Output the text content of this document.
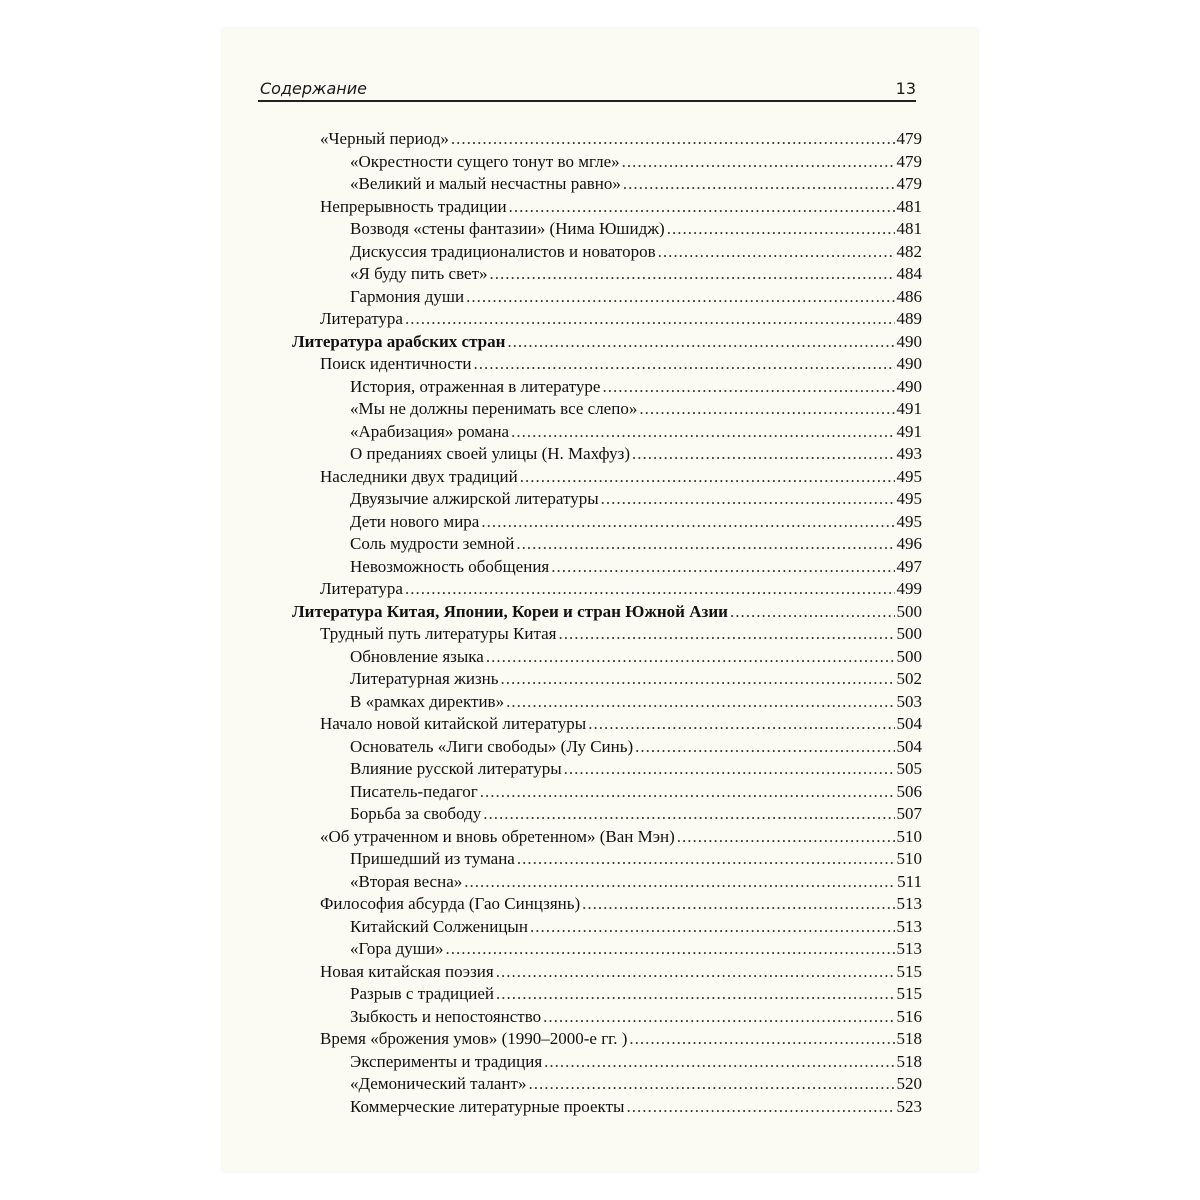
Содержание	13
«Черный период» .....	479
«Окрестности сущего тонут во мгле» .....	479
«Великий и малый несчастны равно» .....	479
Непрерывность традиции .....	481
Возводя «стены фантазии» (Нима Юшидж) .....	481
Дискуссия традиционалистов и новаторов .....	482
«Я буду пить свет» .....	484
Гармония души .....	486
Литература .....	489
Литература арабских стран .....	490
Поиск идентичности .....	490
История, отраженная в литературе .....	490
«Мы не должны перенимать все слепо» .....	491
«Арабизация» романа .....	491
О преданиях своей улицы (Н. Махфуз) .....	493
Наследники двух традиций .....	495
Двуязычие алжирской литературы .....	495
Дети нового мира .....	495
Соль мудрости земной .....	496
Невозможность обобщения .....	497
Литература .....	499
Литература Китая, Японии, Кореи и стран Южной Азии .....	500
Трудный путь литературы Китая .....	500
Обновление языка .....	500
Литературная жизнь .....	502
В «рамках директив» .....	503
Начало новой китайской литературы .....	504
Основатель «Лиги свободы» (Лу Синь) .....	504
Влияние русской литературы .....	505
Писатель-педагог .....	506
Борьба за свободу .....	507
«Об утраченном и вновь обретенном» (Ван Мэн) .....	510
Пришедший из тумана .....	510
«Вторая весна» .....	511
Философия абсурда (Гао Синцзянь) .....	513
Китайский Солженицын .....	513
«Гора души» .....	513
Новая китайская поэзия .....	515
Разрыв с традицией .....	515
Зыбкость и непостоянство .....	516
Время «брожения умов» (1990–2000-е гг. ) .....	518
Эксперименты и традиция .....	518
«Демонический талант» .....	520
Коммерческие литературные проекты .....	523
